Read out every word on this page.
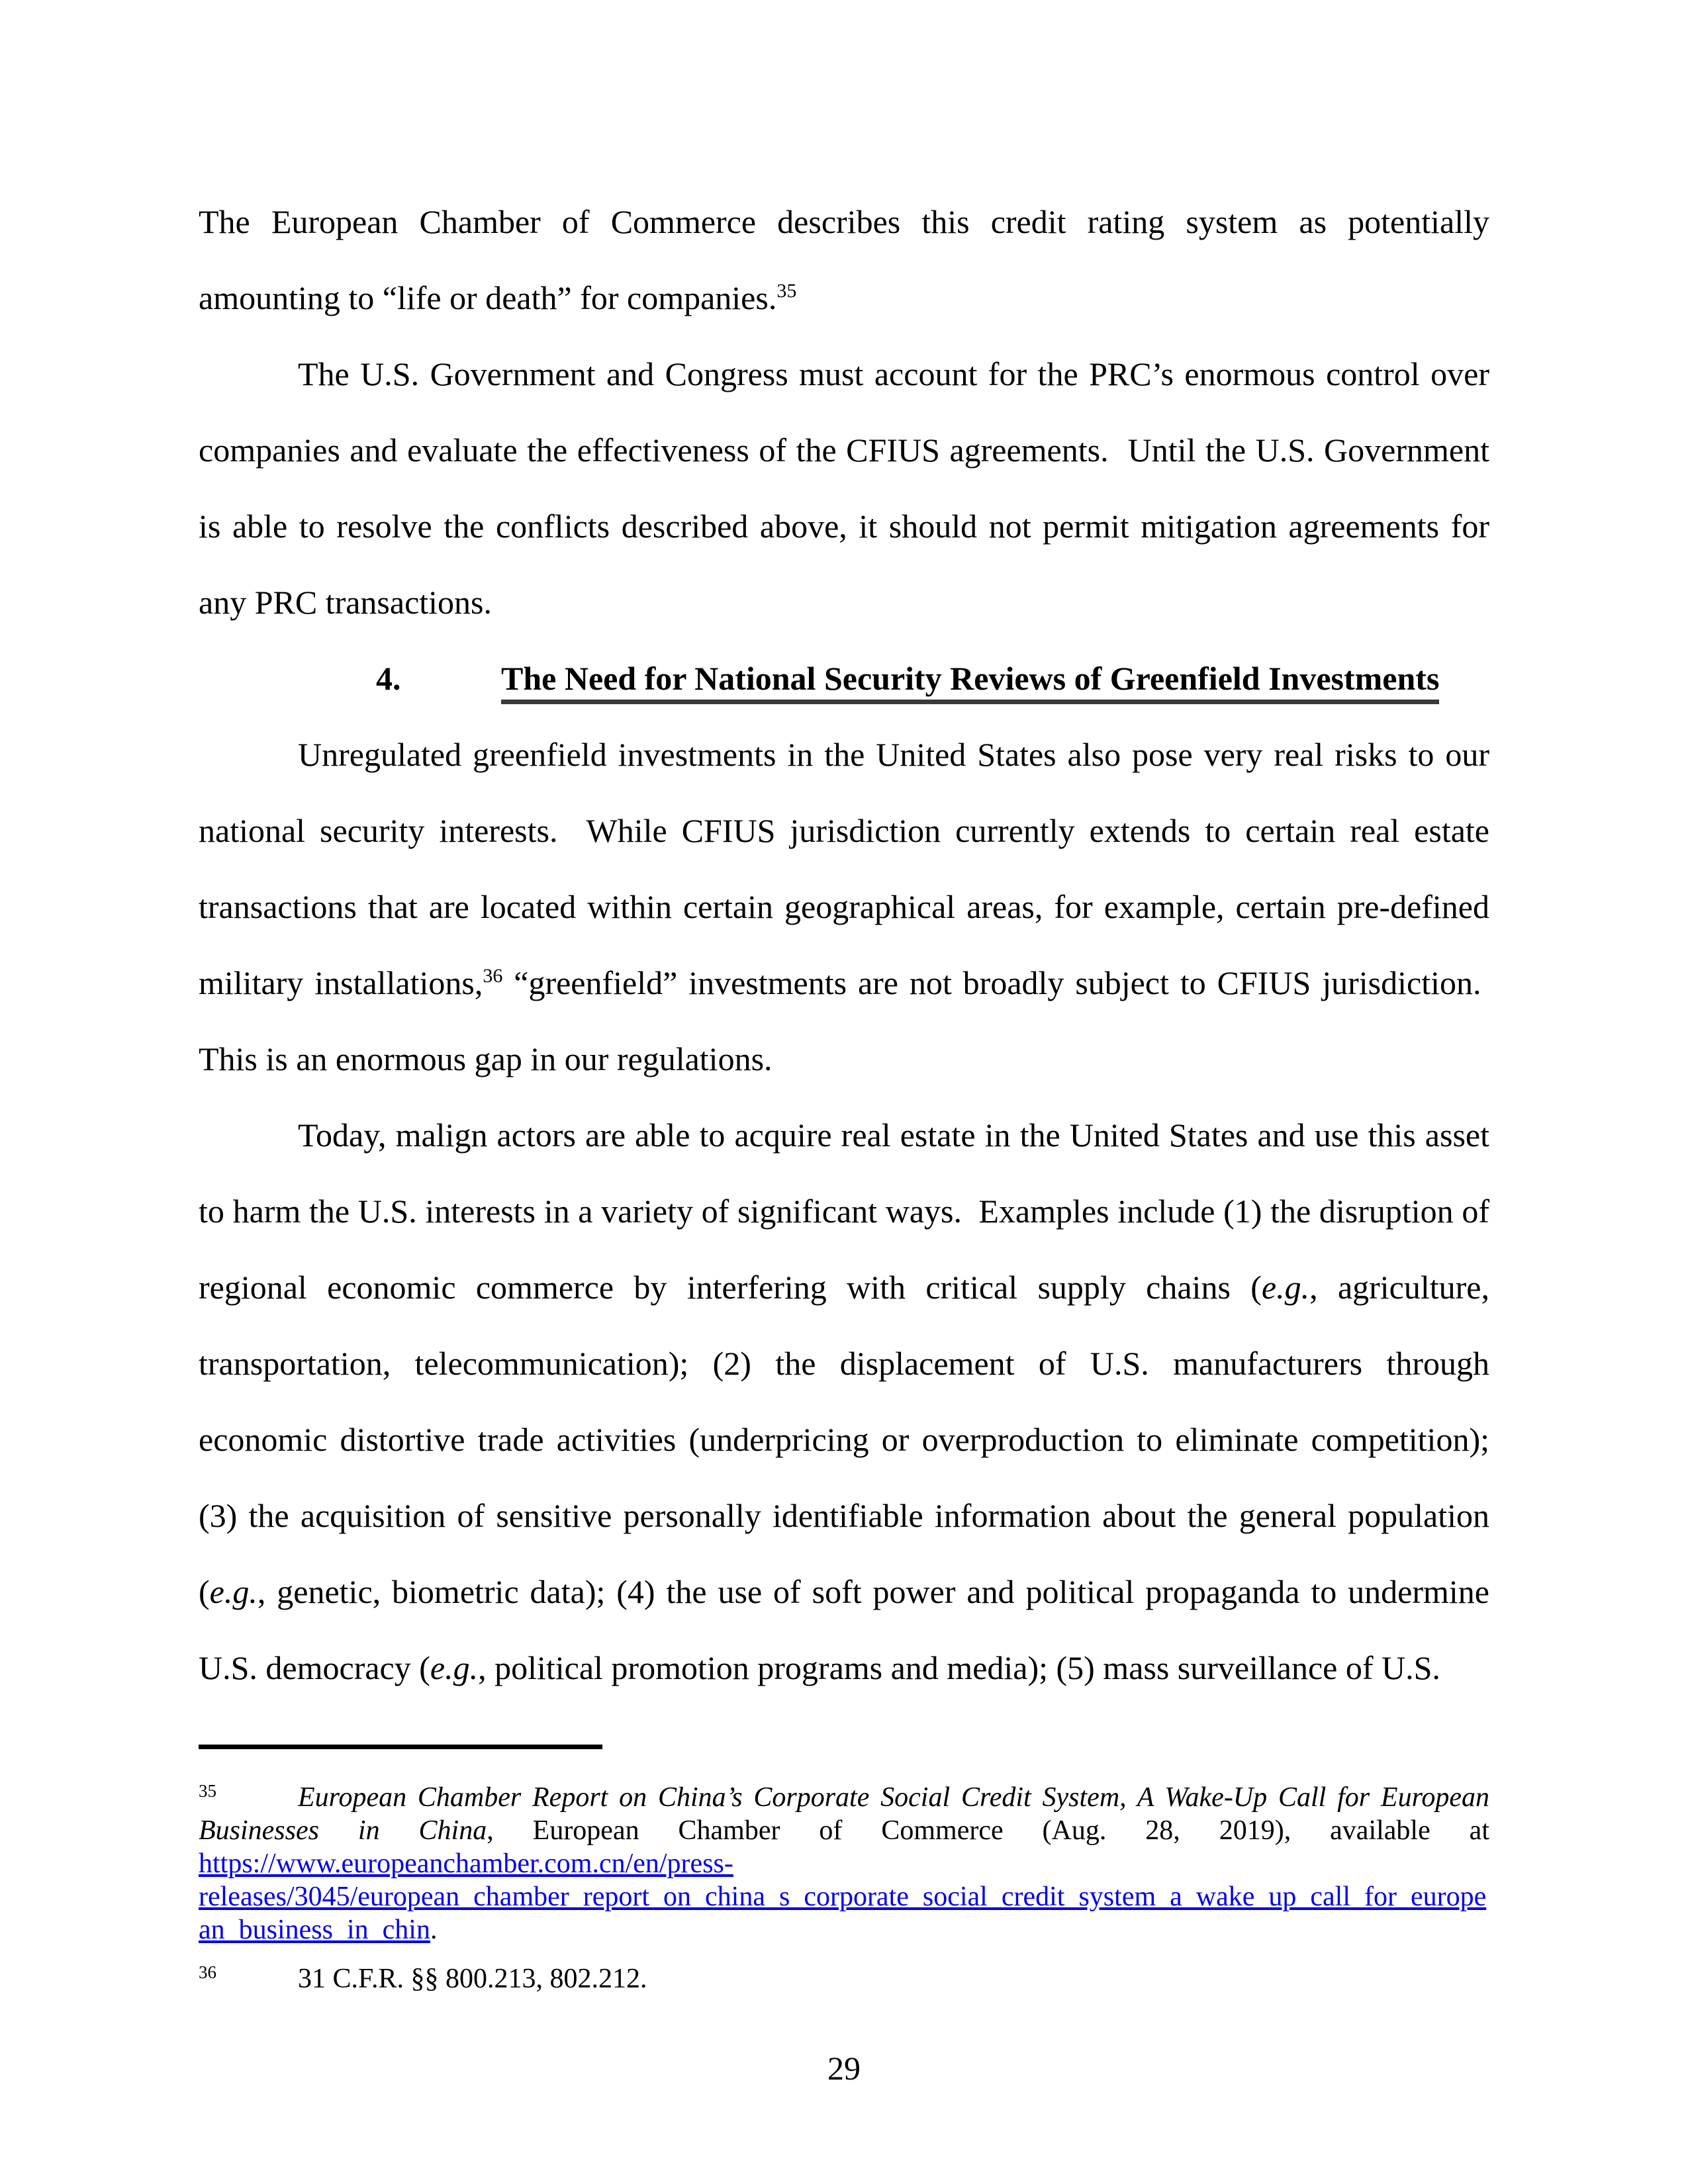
The European Chamber of Commerce describes this credit rating system as potentially amounting to “life or death” for companies.$^{35}$

The U.S. Government and Congress must account for the PRC’s enormous control over companies and evaluate the effectiveness of the CFIUS agreements.  Until the U.S. Government is able to resolve the conflicts described above, it should not permit mitigation agreements for any PRC transactions.

4.	The Need for National Security Reviews of Greenfield Investments

Unregulated greenfield investments in the United States also pose very real risks to our national security interests.  While CFIUS jurisdiction currently extends to certain real estate transactions that are located within certain geographical areas, for example, certain pre-defined military installations,$^{36}$ “greenfield” investments are not broadly subject to CFIUS jurisdiction.  This is an enormous gap in our regulations.

Today, malign actors are able to acquire real estate in the United States and use this asset to harm the U.S. interests in a variety of significant ways.  Examples include (1) the disruption of regional economic commerce by interfering with critical supply chains (e.g., agriculture, transportation, telecommunication); (2) the displacement of U.S. manufacturers through economic distortive trade activities (underpricing or overproduction to eliminate competition); (3) the acquisition of sensitive personally identifiable information about the general population (e.g., genetic, biometric data); (4) the use of soft power and political propaganda to undermine U.S. democracy (e.g., political promotion programs and media); (5) mass surveillance of U.S.

$^{35}$	European Chamber Report on China’s Corporate Social Credit System, A Wake-Up Call for European Businesses in China, European Chamber of Commerce (Aug. 28, 2019), available at https://www.europeanchamber.com.cn/en/press-
releases/3045/european_chamber_report_on_china_s_corporate_social_credit_system_a_wake_up_call_for_european_business_in_chin.

$^{36}$	31 C.F.R. §§ 800.213, 802.212.

29
